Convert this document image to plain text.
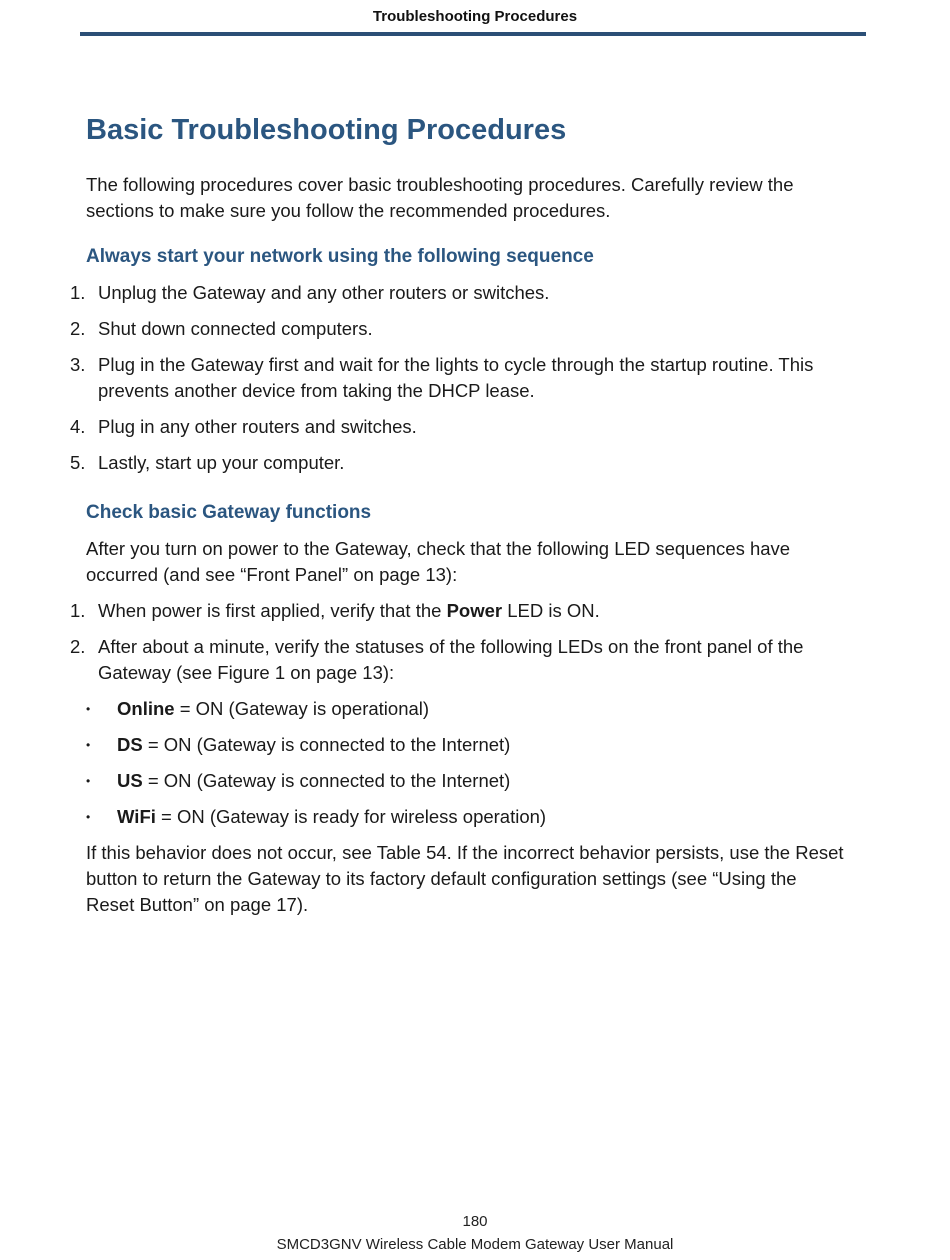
Troubleshooting Procedures
Basic Troubleshooting Procedures

The following procedures cover basic troubleshooting procedures. Carefully review the sections to make sure you follow the recommended procedures.

Always start your network using the following sequence
1. Unplug the Gateway and any other routers or switches.
2. Shut down connected computers.
3. Plug in the Gateway first and wait for the lights to cycle through the startup routine. This prevents another device from taking the DHCP lease.
4. Plug in any other routers and switches.
5. Lastly, start up your computer.
Check basic Gateway functions

After you turn on power to the Gateway, check that the following LED sequences have occurred (and see “Front Panel” on page 13):

1. When power is first applied, verify that the Power LED is ON.
2. After about a minute, verify the statuses of the following LEDs on the front panel of the Gateway (see Figure 1 on page 13):
• Online = ON (Gateway is operational)
• DS = ON (Gateway is connected to the Internet)
• US = ON (Gateway is connected to the Internet)
• WiFi = ON (Gateway is ready for wireless operation)

If this behavior does not occur, see Table 54. If the incorrect behavior persists, use the Reset button to return the Gateway to its factory default configuration settings (see “Using the Reset Button” on page 17).

180
SMCD3GNV Wireless Cable Modem Gateway User Manual
